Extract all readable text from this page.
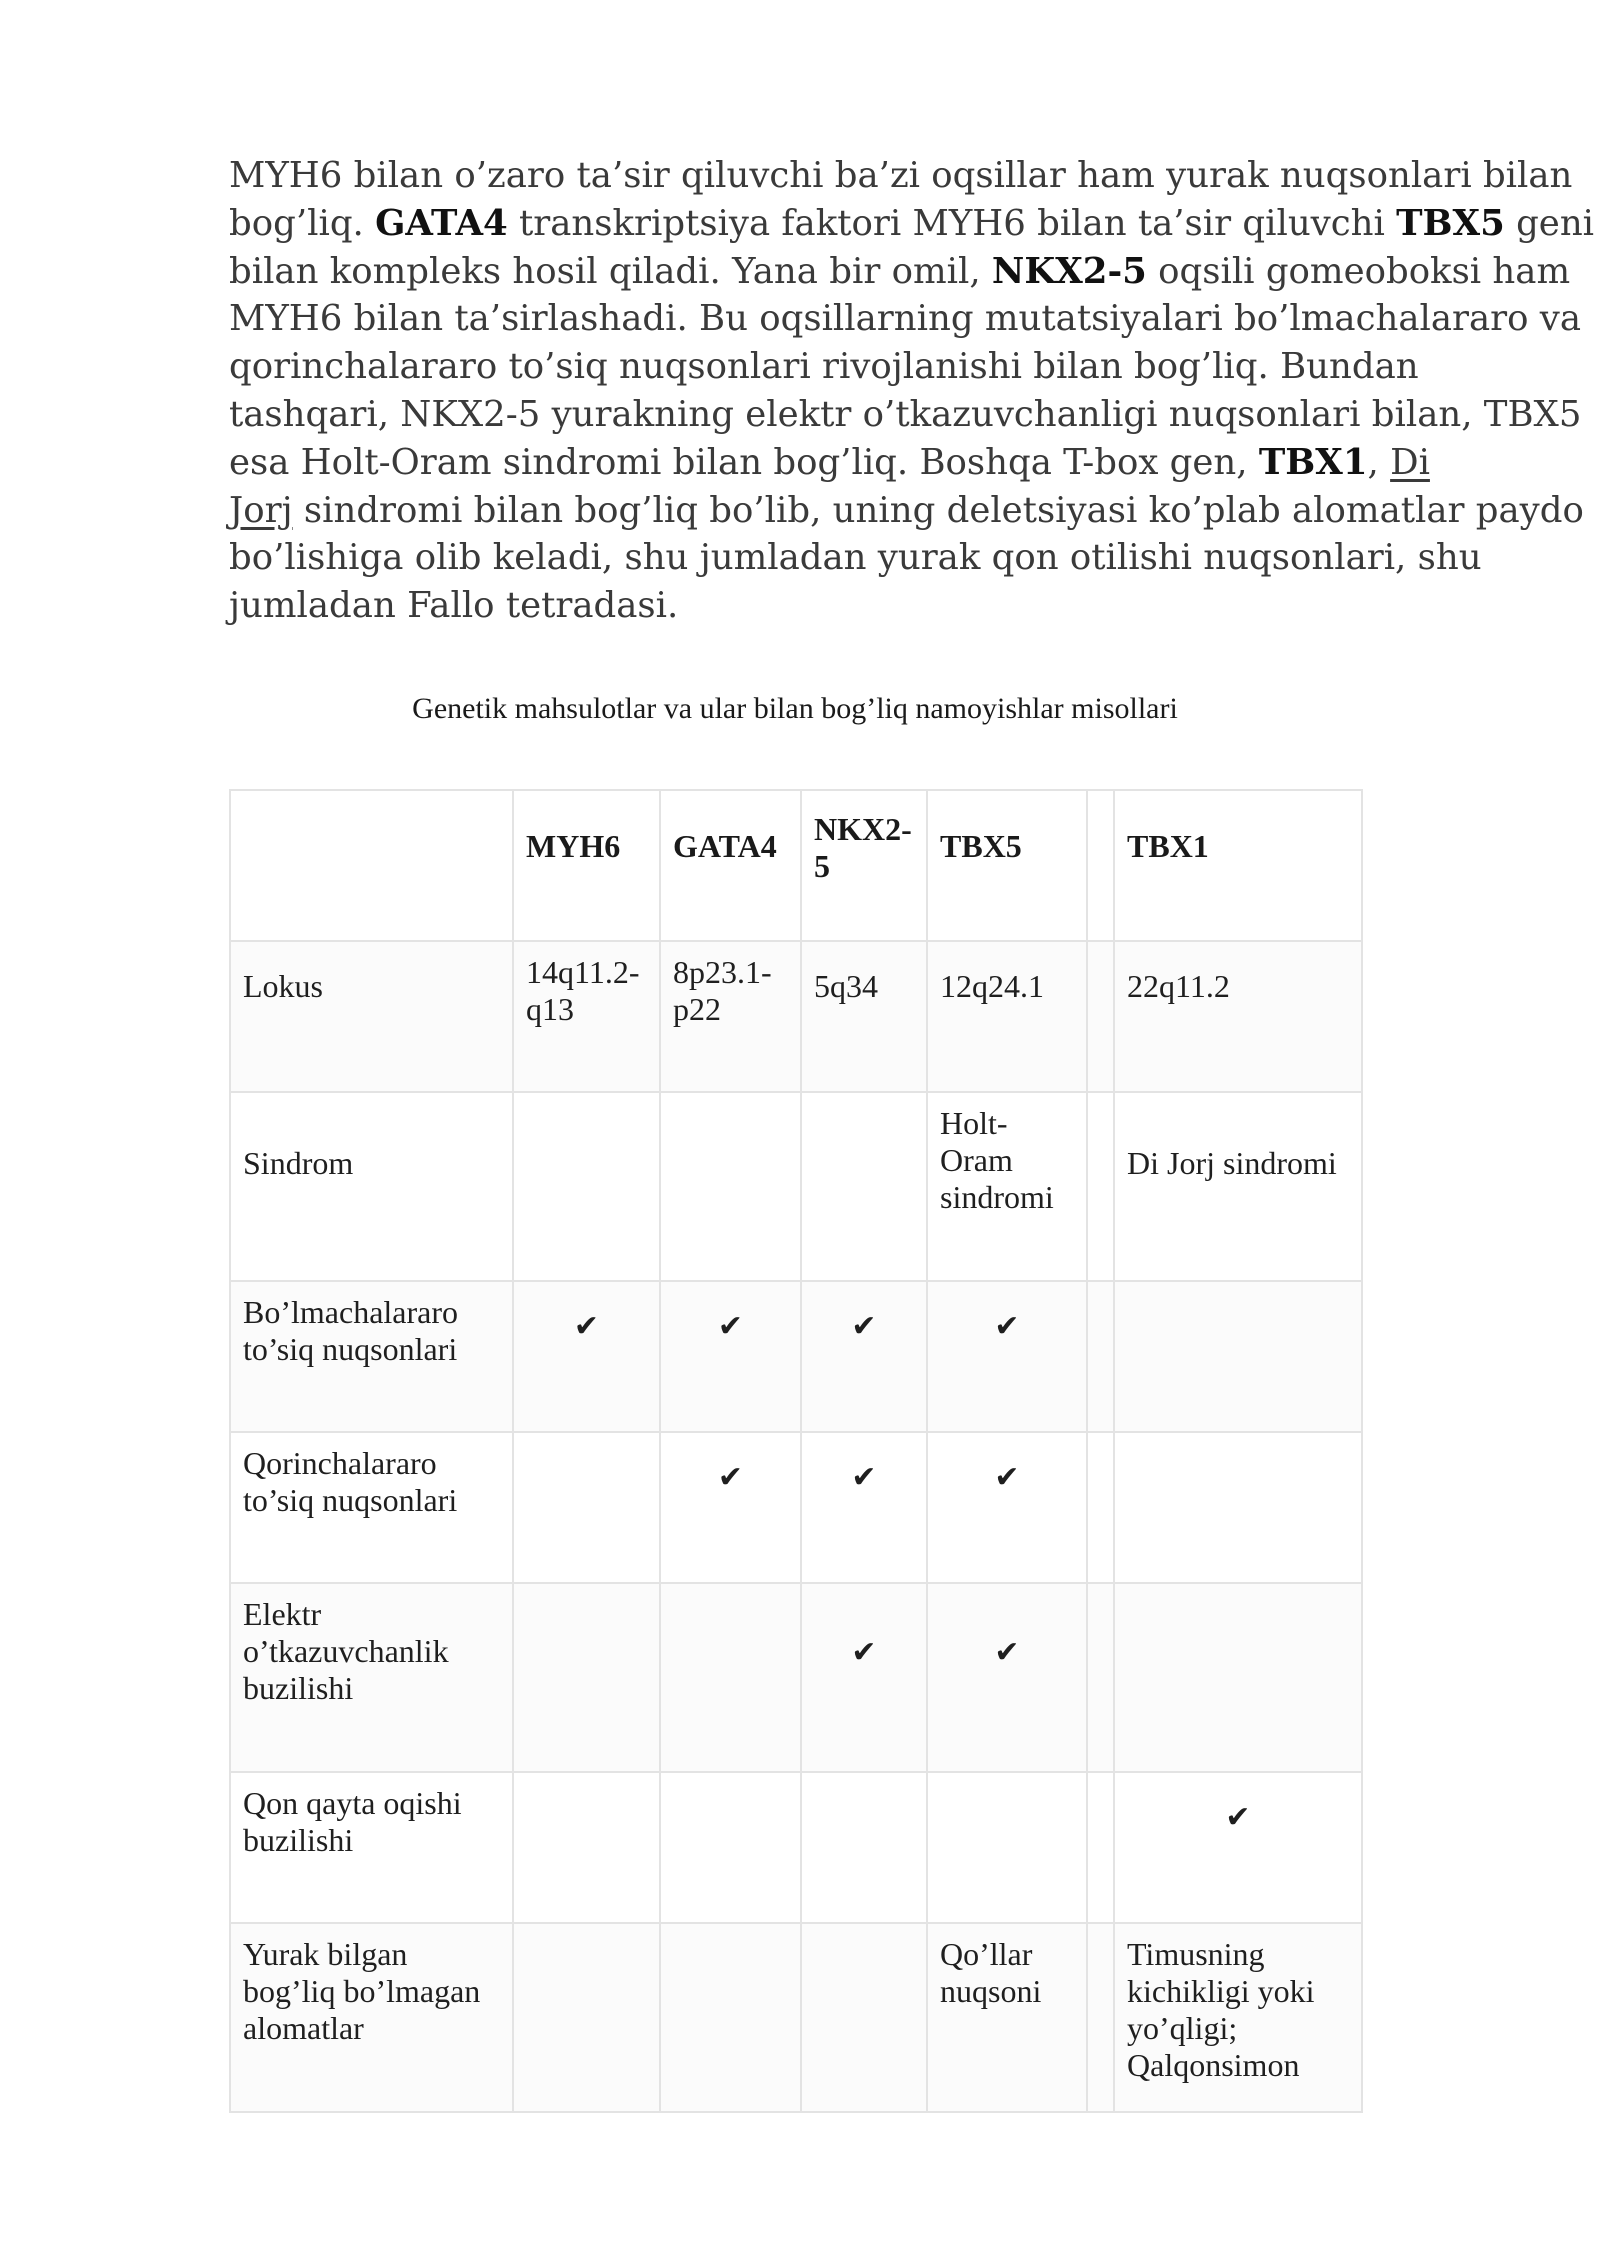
MYH6 bilan o’zaro ta’sir qiluvchi ba’zi oqsillar ham yurak nuqsonlari bilan
bog’liq. GATA4 transkriptsiya faktori MYH6 bilan ta’sir qiluvchi TBX5 geni
bilan kompleks hosil qiladi. Yana bir omil, NKX2-5 oqsili gomeoboksi ham
MYH6 bilan ta’sirlashadi. Bu oqsillarning mutatsiyalari bo’lmachalararo va
qorinchalararo to’siq nuqsonlari rivojlanishi bilan bog’liq. Bundan
tashqari, NKX2-5 yurakning elektr o’tkazuvchanligi nuqsonlari bilan, TBX5
esa Holt-Oram sindromi bilan bog’liq. Boshqa T-box gen, TBX1, Di
Jorj sindromi bilan bog’liq bo’lib, uning deletsiyasi ko’plab alomatlar paydo
bo’lishiga olib keladi, shu jumladan yurak qon otilishi nuqsonlari, shu
jumladan Fallo tetradasi.
Genetik mahsulotlar va ular bilan bog’liq namoyishlar misollari
	MYH6	GATA4	NKX2-5	TBX5		TBX1
Lokus	14q11.2-q13	8p23.1-p22	5q34	12q24.1		22q11.2
Sindrom				Holt-Oram sindromi		Di Jorj sindromi
Bo’lmachalararo to’siq nuqsonlari	✔	✔	✔	✔		
Qorinchalararo to’siq nuqsonlari		✔	✔	✔		
Elektr o’tkazuvchanlik buzilishi			✔	✔		
Qon qayta oqishi buzilishi						✔
Yurak bilgan bog’liq bo’lmagan alomatlar				Qo’llar nuqsoni		Timusning kichikligi yoki yo’qligi; Qalqonsimon
